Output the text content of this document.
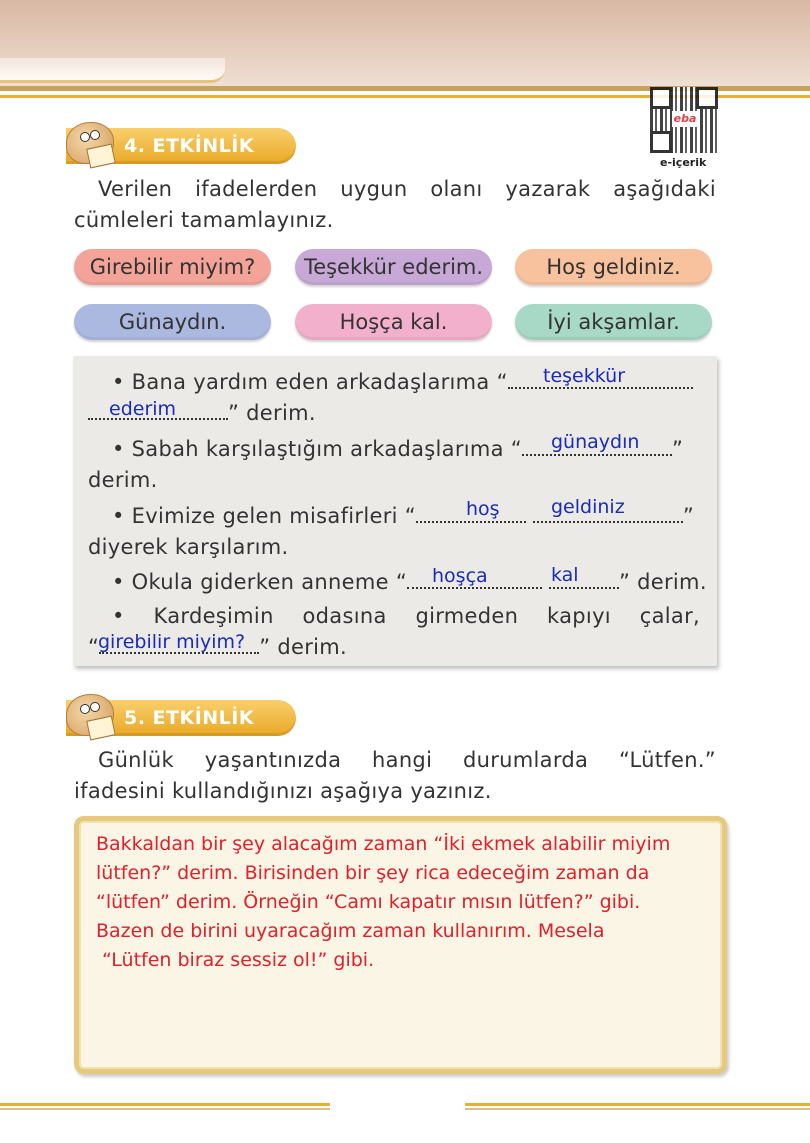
eba
e-içerik
4. ETKİNLİK

Verilen ifadelerden uygun olanı yazarak aşağıdaki cümleleri tamamlayınız.

Girebilir miyim?	Teşekkür ederim.	Hoş geldiniz.
Günaydın.	Hoşça kal.	İyi akşamlar.
• Bana yardım eden arkadaşlarıma “	teşekkür
” derim.
ederim
• Sabah karşılaştığım arkadaşlarıma “	”
günaydın
derim.
• Evimize gelen misafirleri “	”
hoş	geldiniz
diyerek karşılarım.
• Okula giderken anneme “	” derim.
hoşça	kal
• Kardeşimin odasına girmeden kapıyı çalar,
“	” derim.
girebilir miyim?
5. ETKİNLİK

Günlük yaşantınızda hangi durumlarda “Lütfen.” ifadesini kullandığınızı aşağıya yazınız.

Bakkaldan bir şey alacağım zaman “İki ekmek alabilir miyim

lütfen?” derim. Birisinden bir şey rica edeceğim zaman da

“lütfen” derim. Örneğin “Camı kapatır mısın lütfen?” gibi.

Bazen de birini uyaracağım zaman kullanırım. Mesela

“Lütfen biraz sessiz ol!” gibi.
